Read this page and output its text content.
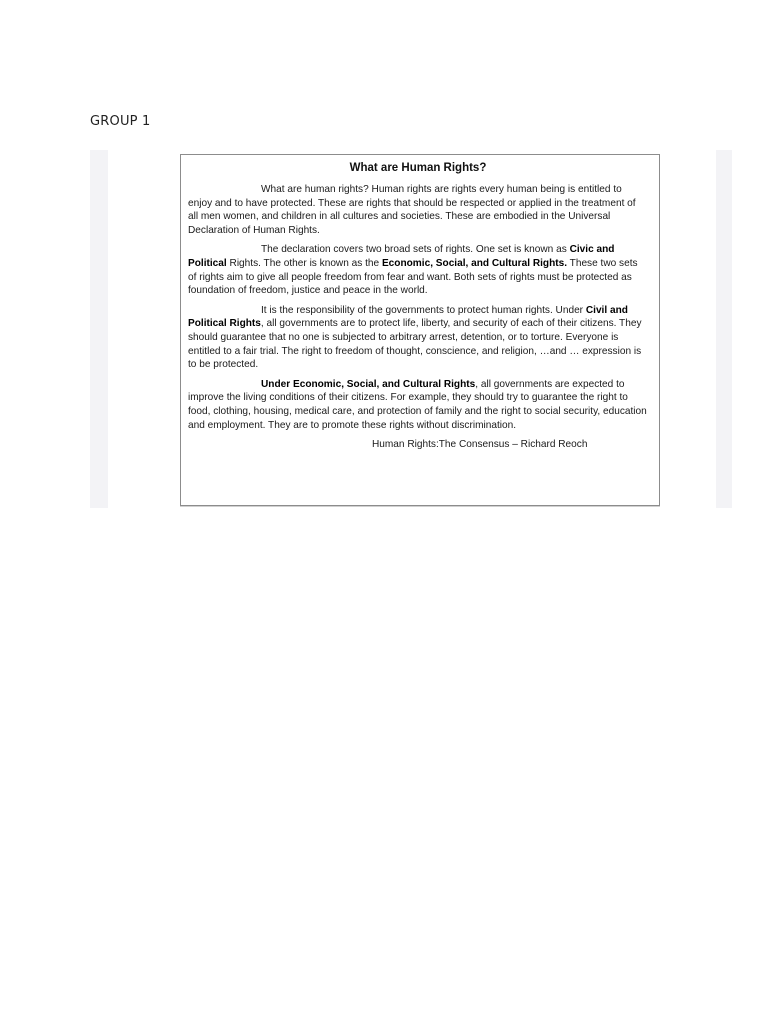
GROUP 1
What are Human Rights?

What are human rights? Human rights are rights every human being is entitled to enjoy and to have protected. These are rights that should be respected or applied in the treatment of all men women, and children in all cultures and societies. These are embodied in the Universal Declaration of Human Rights.

The declaration covers two broad sets of rights. One set is known as Civic and Political Rights. The other is known as the Economic, Social, and Cultural Rights. These two sets of rights aim to give all people freedom from fear and want. Both sets of rights must be protected as foundation of freedom, justice and peace in the world.

It is the responsibility of the governments to protect human rights. Under Civil and Political Rights, all governments are to protect life, liberty, and security of each of their citizens. They should guarantee that no one is subjected to arbitrary arrest, detention, or to torture. Everyone is entitled to a fair trial. The right to freedom of thought, conscience, and religion, …and … expression is to be protected.

Under Economic, Social, and Cultural Rights, all governments are expected to improve the living conditions of their citizens. For example, they should try to guarantee the right to food, clothing, housing, medical care, and protection of family and the right to social security, education and employment. They are to promote these rights without discrimination.

Human Rights:The Consensus – Richard Reoch
